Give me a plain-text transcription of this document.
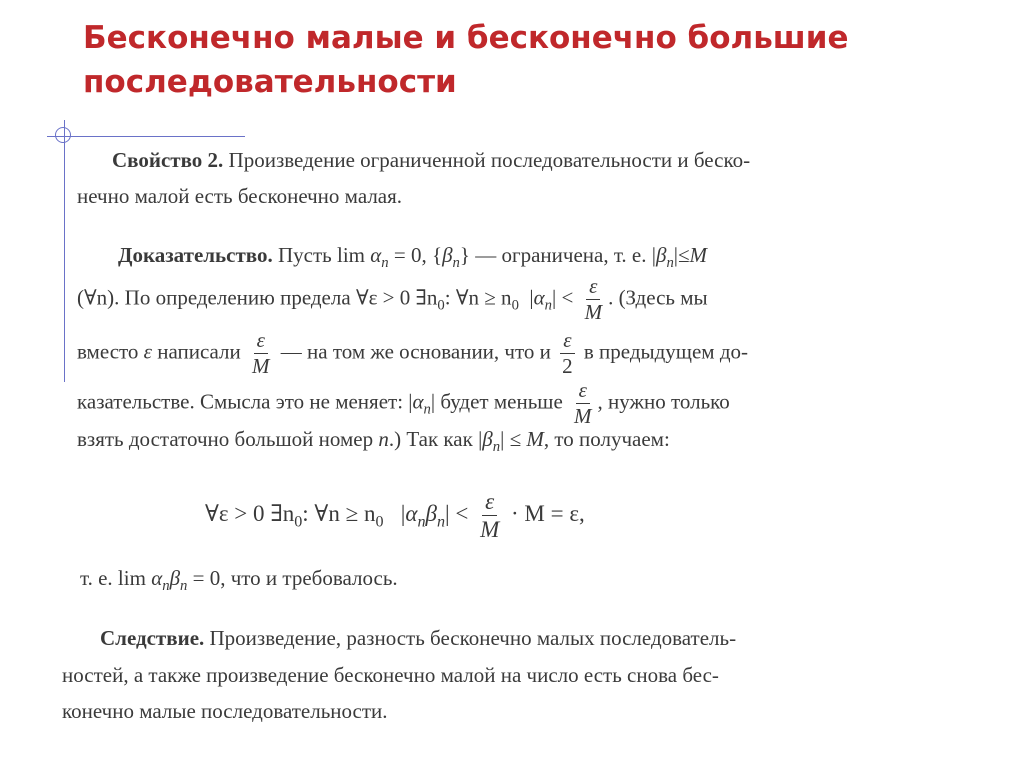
Бесконечно малые и бесконечно большие
последовательности
Свойство 2. Произведение ограниченной последовательности и беско-
нечно малой есть бесконечно малая.
Доказательство. Пусть $\lim \alpha_n = 0$, $\{\beta_n\}$ — ограничена, т. е. $|\beta_n|\le M$
(∀n). По определению предела ∀ε > 0 $\exists n_0$: ∀n ≥ $n_0$  $|\alpha_n| < \frac{\varepsilon}{M}$ . (Здесь мы
вместо ε написали $\frac{\varepsilon}{M}$ — на том же основании, что и $\frac{\varepsilon}{2}$ в предыдущем до-
казательстве. Смысла это не меняет: $|\alpha_n|$ будет меньше $\frac{\varepsilon}{M}$ , нужно только
взять достаточно большой номер n.) Так как $|\beta_n| \le M$, то получаем:
∀ε > 0 $\exists n_0$: ∀n ≥ $n_0$   $|\alpha_n\beta_n| < \frac{\varepsilon}{M} \cdot M = \varepsilon$,
т. е. $\lim \alpha_n\beta_n = 0$, что и требовалось.
Следствие. Произведение, разность бесконечно малых последователь-
ностей, а также произведение бесконечно малой на число есть снова бес-
конечно малые последовательности.
